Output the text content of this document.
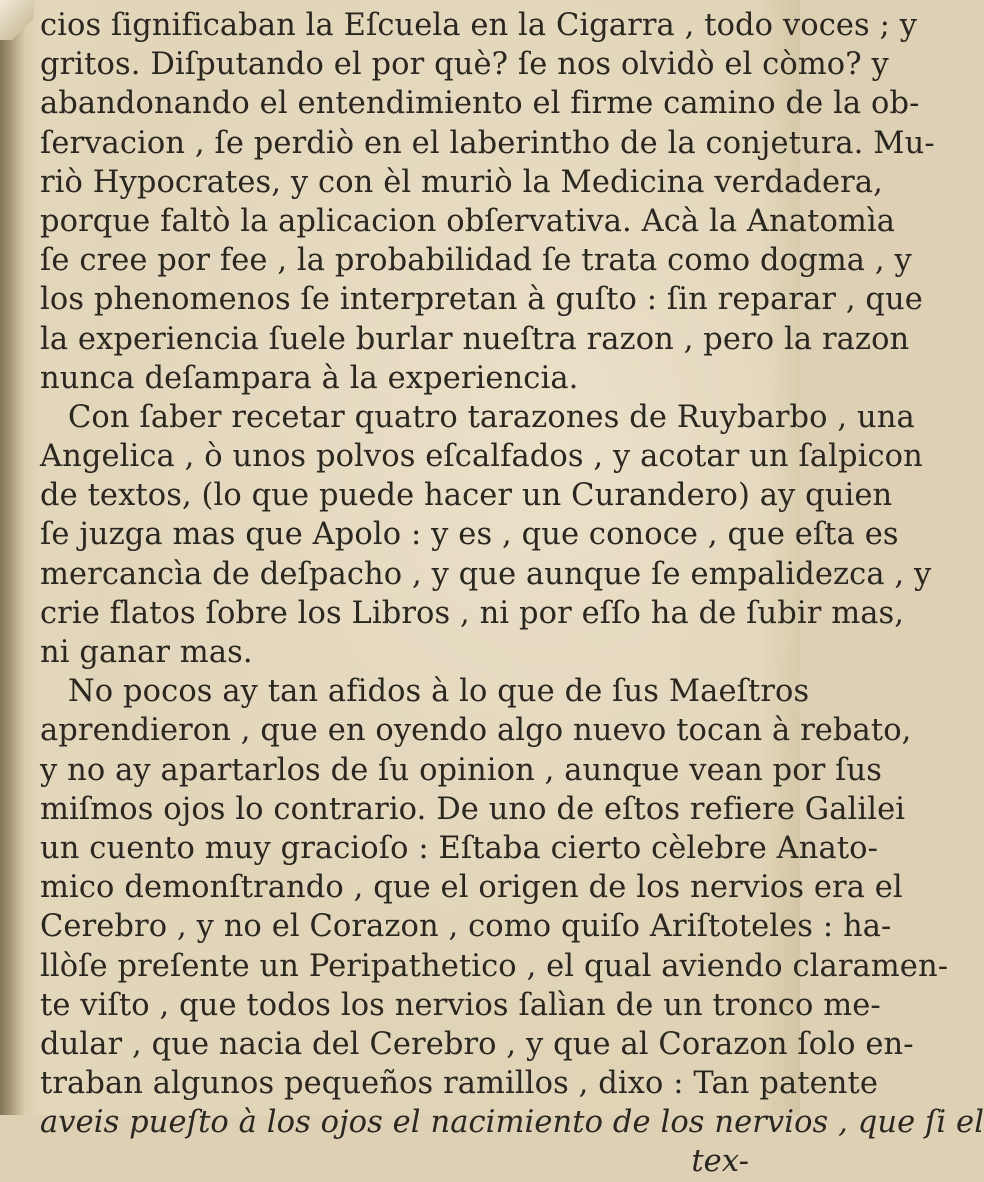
cios ſignificaban la Eſcuela en la Cigarra , todo voces ; y
gritos. Diſputando el por què? ſe nos olvidò el còmo? y
abandonando el entendimiento el firme camino de la ob-
ſervacion , ſe perdiò en el laberintho de la conjetura. Mu-
riò Hypocrates, y con èl muriò la Medicina verdadera,
porque faltò la aplicacion obſervativa. Acà la Anatomìa
ſe cree por fee , la probabilidad ſe trata como dogma , y
los phenomenos ſe interpretan à guſto : ſin reparar , que
la experiencia ſuele burlar nueſtra razon , pero la razon
nunca deſampara à la experiencia.
Con ſaber recetar quatro tarazones de Ruybarbo , una
Angelica , ò unos polvos eſcalfados , y acotar un ſalpicon
de textos, (lo que puede hacer un Curandero) ay quien
ſe juzga mas que Apolo : y es , que conoce , que eſta es
mercancìa de deſpacho , y que aunque ſe empalidezca , y
crie flatos ſobre los Libros , ni por eſſo ha de ſubir mas,
ni ganar mas.
No pocos ay tan afidos à lo que de ſus Maeſtros
aprendieron , que en oyendo algo nuevo tocan à rebato,
y no ay apartarlos de ſu opinion , aunque vean por ſus
miſmos ojos lo contrario. De uno de eſtos refiere Galilei
un cuento muy gracioſo : Eſtaba cierto cèlebre Anato-
mico demonſtrando , que el origen de los nervios era el
Cerebro , y no el Corazon , como quiſo Ariſtoteles : ha-
llòſe preſente un Peripathetico , el qual aviendo claramen-
te viſto , que todos los nervios ſalìan de un tronco me-
dular , que nacia del Cerebro , y que al Corazon ſolo en-
traban algunos pequeños ramillos , dixo : Tan patente
aveis pueſto à los ojos el nacimiento de los nervios , que ſi el
tex-
